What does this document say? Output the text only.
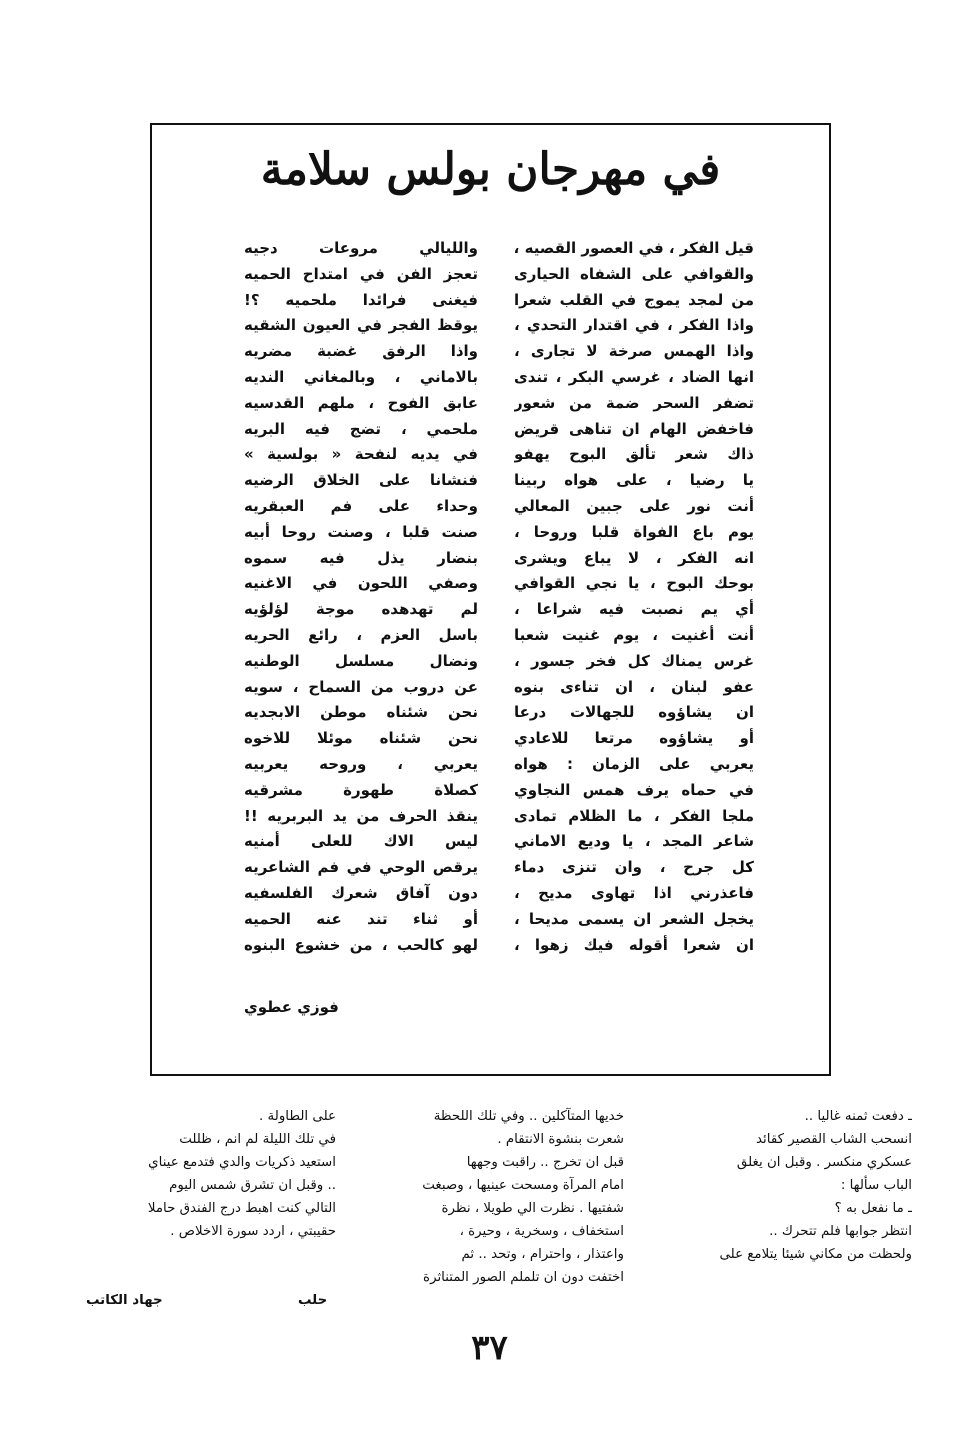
في مهرجان بولس سلامة
قيل الفكر ، في العصور القصيه ،
والقوافي على الشفاه الحيارى
من لمجد يموج في القلب شعرا
واذا الفكر ، في اقتدار التحدي ،
واذا الهمس صرخة لا تجارى ،
انها الضاد ، غرسي البكر ، تندى
تضفر السحر ضمة من شعور
فاخفض الهام ان تناهى قريض
ذاك شعر تألق البوح يهفو
يا رضيا ، على هواه ربينا
أنت نور على جبين المعالي
يوم باع الفواة قلبا وروحا ،
انه الفكر ، لا يباع ويشرى
بوحك البوح ، يا نجي القوافي
أي يم نصبت فيه شراعا ،
أنت أغنيت ، يوم غنيت شعبا
غرس يمناك كل فخر جسور ،
عفو لبنان ، ان تناءى بنوه
ان يشاؤوه للجهالات درعا
أو يشاؤوه مرتعا للاعادي
يعربي على الزمان : هواه
في حماه يرف همس النجاوي
ملجا الفكر ، ما الظلام تمادى
شاعر المجد ، يا وديع الاماني
كل جرح ، وان تنزى دماء
فاعذرني اذا تهاوى مديح ،
يخجل الشعر ان يسمى مديحا ،
ان شعرا أقوله فيك زهوا ،
والليالي مروعات دجيه
تعجز الفن في امتداح الحميه
فيغنى فرائدا ملحميه ؟!
يوقظ الفجر في العيون الشقيه
واذا الرفق غضبة مضريه
بالاماني ، وبالمغاني النديه
عابق الفوح ، ملهم القدسيه
ملحمي ، تضج فيه البريه
في يديه لنفحة « بولسية »
فنشانا على الخلاق الرضيه
وحداء على فم العبقريه
صنت قلبا ، وصنت روحا أبيه
بنضار يذل فيه سموه
وصفي اللحون في الاغنيه
لم تهدهده موجة لؤلؤيه
باسل العزم ، رائع الحريه
ونضال مسلسل الوطنيه
عن دروب من السماح ، سويه
نحن شئناه موطن الابجديه
نحن شئناه موئلا للاخوه
يعربي ، وروحه يعربيه
كصلاة طهورة مشرقيه
ينقذ الحرف من يد البربريه !!
ليس الاك للعلى أمنيه
يرقص الوحي في فم الشاعريه
دون آفاق شعرك الفلسفيه
أو ثناء تند عنه الحميه
لهو كالحب ، من خشوع البنوه
فوزي عطوي
ـ دفعت ثمنه غاليا ..
انسحب الشاب القصير كقائد
عسكري منكسر . وقبل ان يغلق
الباب سألها :
ـ ما نفعل به ؟
انتظر جوابها فلم تتحرك ..
ولحظت من مكاني شيئا يتلامع على
خديها المتآكلين .. وفي تلك اللحظة
شعرت بنشوة الانتقام .
قبل ان تخرج .. راقبت وجهها
امام المرآة ومسحت عينيها ، وصبغت
شفتيها . نظرت الي طويلا ، نظرة
استخفاف ، وسخرية ، وحيرة ،
واعتذار ، واحترام ، وتحد .. ثم
اختفت دون ان تلملم الصور المتناثرة
على الطاولة .
في تلك الليلة لم انم ، ظللت
استعيد ذكريات والدي فتدمع عيناي
.. وقبل ان تشرق شمس اليوم
التالي كنت اهبط درج الفندق حاملا
حقيبتي ، اردد سورة الاخلاص .
حلب
جهاد الكاتب
٣٧
